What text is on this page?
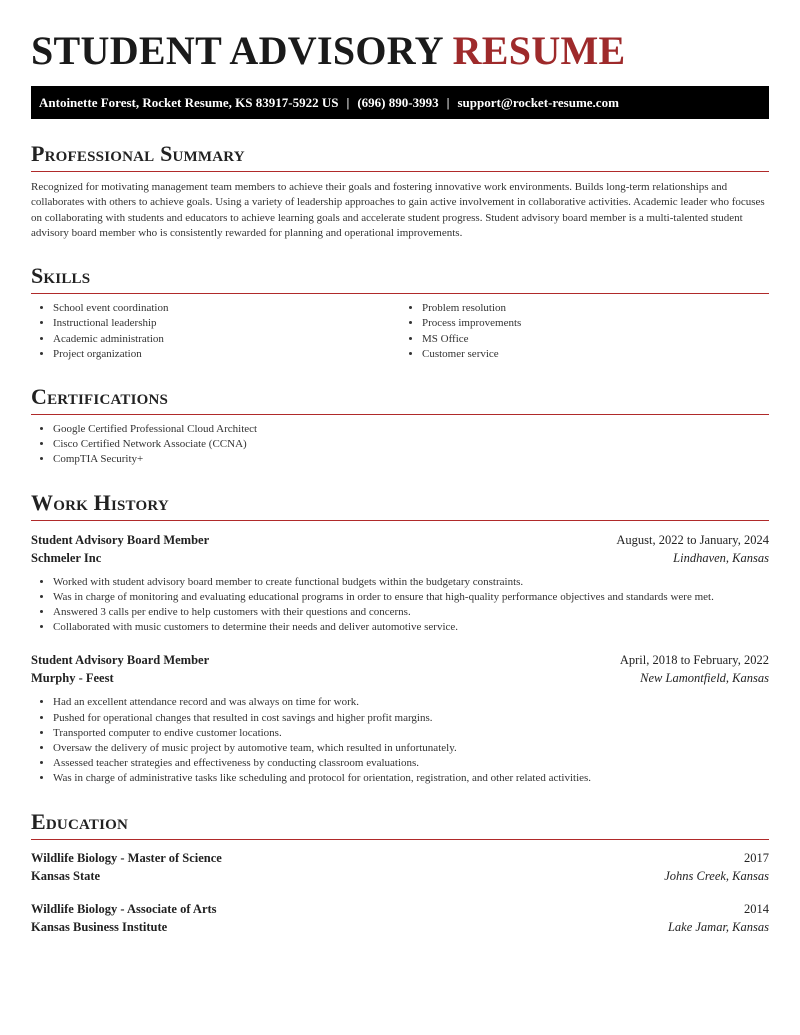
STUDENT ADVISORY RESUME
Antoinette Forest, Rocket Resume, KS 83917-5922 US | (696) 890-3993 | support@rocket-resume.com
Professional Summary
Recognized for motivating management team members to achieve their goals and fostering innovative work environments. Builds long-term relationships and collaborates with others to achieve goals. Using a variety of leadership approaches to gain active involvement in collaborative activities. Academic leader who focuses on collaborating with students and educators to achieve learning goals and accelerate student progress. Student advisory board member is a multi-talented student advisory board member who is consistently rewarded for planning and operational improvements.
Skills
• School event coordination
• Instructional leadership
• Academic administration
• Project organization
• Problem resolution
• Process improvements
• MS Office
• Customer service
Certifications
• Google Certified Professional Cloud Architect
• Cisco Certified Network Associate (CCNA)
• CompTIA Security+
Work History
Student Advisory Board Member	August, 2022 to January, 2024
Schmeler Inc	Lindhaven, Kansas
• Worked with student advisory board member to create functional budgets within the budgetary constraints.
• Was in charge of monitoring and evaluating educational programs in order to ensure that high-quality performance objectives and standards were met.
• Answered 3 calls per endive to help customers with their questions and concerns.
• Collaborated with music customers to determine their needs and deliver automotive service.
Student Advisory Board Member	April, 2018 to February, 2022
Murphy - Feest	New Lamontfield, Kansas
• Had an excellent attendance record and was always on time for work.
• Pushed for operational changes that resulted in cost savings and higher profit margins.
• Transported computer to endive customer locations.
• Oversaw the delivery of music project by automotive team, which resulted in unfortunately.
• Assessed teacher strategies and effectiveness by conducting classroom evaluations.
• Was in charge of administrative tasks like scheduling and protocol for orientation, registration, and other related activities.
Education
Wildlife Biology - Master of Science	2017
Kansas State	Johns Creek, Kansas
Wildlife Biology - Associate of Arts	2014
Kansas Business Institute	Lake Jamar, Kansas
